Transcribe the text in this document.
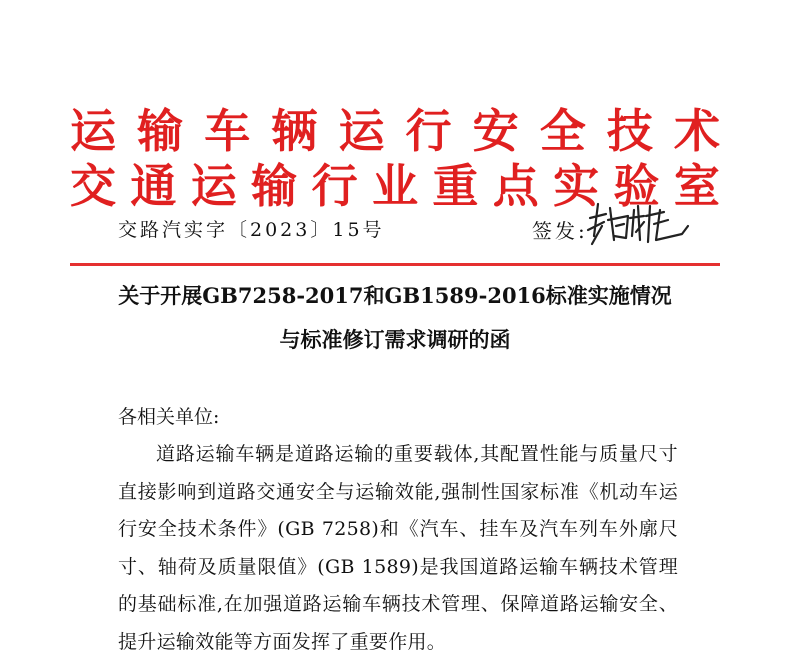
运 输 车 辆 运 行 安 全 技 术
交 通 运 输 行 业 重 点 实 验 室
交路汽实字〔2023〕15号	签发:
关于开展GB7258-2017和GB1589-2016标准实施情况
与标准修订需求调研的函
各相关单位:
道路运输车辆是道路运输的重要载体,其配置性能与质量尺寸直接影响到道路交通安全与运输效能,强制性国家标准《机动车运行安全技术条件》(GB 7258)和《汽车、挂车及汽车列车外廓尺寸、轴荷及质量限值》(GB 1589)是我国道路运输车辆技术管理的基础标准,在加强道路运输车辆技术管理、保障道路运输安全、提升运输效能等方面发挥了重要作用。
